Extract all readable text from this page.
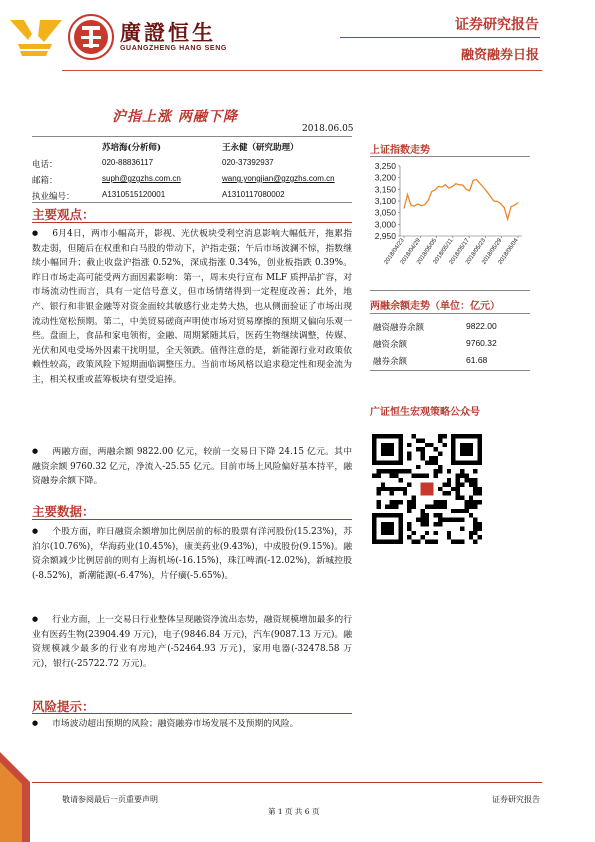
廣證恒生
GUANGZHENG HANG SENG
证券研究报告
融资融券日报
沪指上涨 两融下降
2018.06.05
苏培海(分析师)	王永健（研究助理）
电话：	020-88836117	020-37392937
邮箱：	suph@gzgzhs.com.cn	wang.yongjian@gzgzhs.com.cn
执业编号：	A1310515120001	A1310117080002
主要观点：

● 6月4日，两市小幅高开，影视、光伏板块受利空消息影响大幅低开，拖累指数走弱，但随后在权重和白马股的带动下，沪指走强；午后市场波澜不惊，指数继续小幅回升；截止收盘沪指涨 0.52%，深成指涨 0.34%，创业板指跌 0.39%。昨日市场走高可能受两方面因素影响：第一，周末央行宣布 MLF 质押品扩容，对市场流动性而言，具有一定信号意义，但市场情绪得到一定程度改善；此外，地产、银行和非银金融等对资金面较其敏感行业走势大热，也从侧面验证了市场出现流动性宽松预期。第二，中美贸易磋商声明使市场对贸易摩擦的预期又偏向乐观一些。盘面上，食品和家电领衔，金融、周期紧随其后，医药生物继续调整，传媒、光伏和风电受场外因素干扰明显，全天领跌。值得注意的是，新能源行业对政策依赖性较高，政策风险下短期面临调整压力。当前市场风格以追求稳定性和现金流为主，相关权重或蓝筹板块有望受追捧。

● 两融方面，两融余额 9822.00 亿元，较前一交易日下降 24.15 亿元。其中融资余额 9760.32 亿元，净流入-25.55 亿元。目前市场上风险偏好基本持平，融资融券余额下降。

主要数据：

● 个股方面，昨日融资余额增加比例居前的标的股票有洋河股份(15.23%)，苏泊尔(10.76%)，华海药业(10.45%)，康美药业(9.43%)，中成股份(9.15%)。融资余额减少比例居前的则有上海机场(-16.15%)，珠江啤酒(-12.02%)，新城控股(-8.52%)，新潮能源(-6.47%)，片仔癀(-5.65%)。

● 行业方面，上一交易日行业整体呈现融资净流出态势，融资规模增加最多的行业有医药生物(23904.49 万元)，电子(9846.84 万元)，汽车(9087.13 万元)。融资规模减少最多的行业有房地产(-52464.93 万元)，家用电器(-32478.58 万元)，银行(-25722.72 万元)。

风险提示：

● 市场波动超出预期的风险；融资融券市场发展不及预期的风险。

上证指数走势
2,950
3,000
3,050
3,100
3,150
3,200
3,250
2018/04/23
2018/04/29
2018/05/05
2018/05/11
2018/05/17
2018/05/23
2018/05/29
2018/06/04
两融余额走势（单位：亿元）
融资融券余额	9822.00
融资余额	9760.32
融券余额	61.68
广证恒生宏观策略公众号
敬请参阅最后一页重要声明	证券研究报告
第 1 页 共 6 页
